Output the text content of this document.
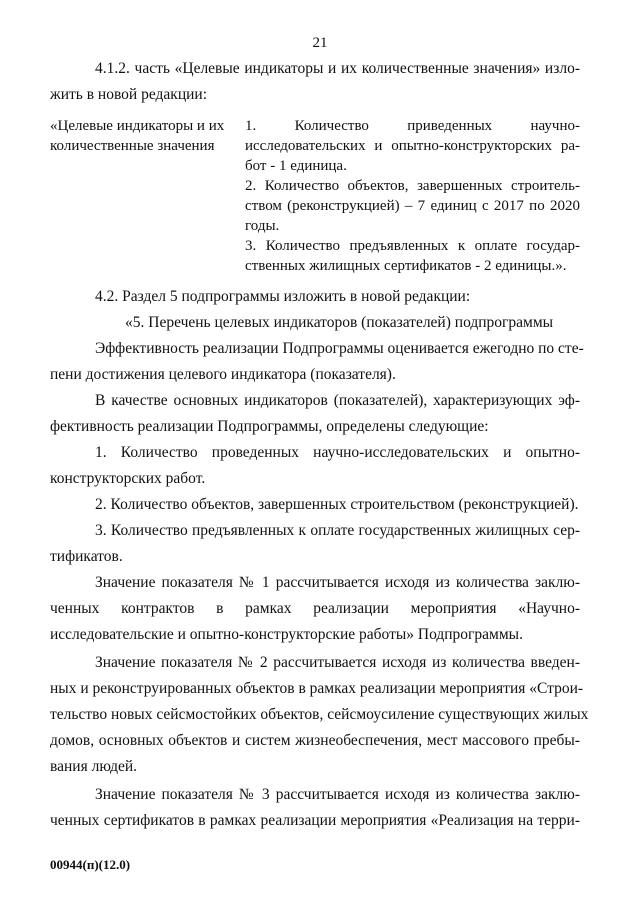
21
4.1.2. часть «Целевые индикаторы и их количественные значения» изло-
жить в новой редакции:
«Целевые индикаторы и их
количественные значения
1. Количество приведенных научно-
исследовательских и опытно-конструкторских ра-
бот - 1 единица.
2. Количество объектов, завершенных строитель-
ством (реконструкцией) – 7 единиц с 2017 по 2020
годы.
3. Количество предъявленных к оплате государ-
ственных жилищных сертификатов - 2 единицы.».
4.2. Раздел 5 подпрограммы изложить в новой редакции:
«5. Перечень целевых индикаторов (показателей) подпрограммы
Эффективность реализации Подпрограммы оценивается ежегодно по сте-
пени достижения целевого индикатора (показателя).
В качестве основных индикаторов (показателей), характеризующих эф-
фективность реализации Подпрограммы, определены следующие:
1. Количество проведенных научно-исследовательских и опытно-
конструкторских работ.
2. Количество объектов, завершенных строительством (реконструкцией).
3. Количество предъявленных к оплате государственных жилищных сер-
тификатов.
Значение показателя № 1 рассчитывается исходя из количества заклю-
ченных контрактов в рамках реализации мероприятия «Научно-
исследовательские и опытно-конструкторские работы» Подпрограммы.
Значение показателя № 2 рассчитывается исходя из количества введен-
ных и реконструированных объектов в рамках реализации мероприятия «Строи-
тельство новых сейсмостойких объектов, сейсмоусиление существующих жилых
домов, основных объектов и систем жизнеобеспечения, мест массового пребы-
вания людей.
Значение показателя № 3 рассчитывается исходя из количества заклю-
ченных сертификатов в рамках реализации мероприятия «Реализация на терри-
00944(п)(12.0)
